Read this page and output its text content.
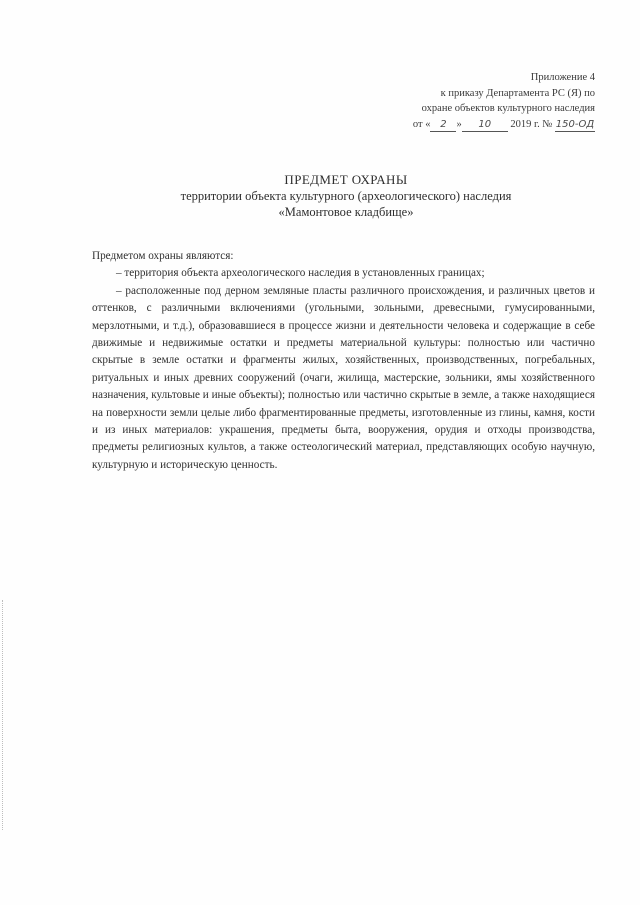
Приложение 4
к приказу Департамента РС (Я) по
охране объектов культурного наследия
от « 2 » 10 2019 г. № 150-ОД
ПРЕДМЕТ ОХРАНЫ
территории объекта культурного (археологического) наследия
«Мамонтовое кладбище»

Предметом охраны являются:

– территория объекта археологического наследия в установленных границах;

– расположенные под дерном земляные пласты различного происхождения, и различных цветов и оттенков, с различными включениями (угольными, зольными, древесными, гумусированными, мерзлотными, и т.д.), образовавшиеся в процессе жизни и деятельности человека и содержащие в себе движимые и недвижимые остатки и предметы материальной культуры: полностью или частично скрытые в земле остатки и фрагменты жилых, хозяйственных, производственных, погребальных, ритуальных и иных древних сооружений (очаги, жилища, мастерские, зольники, ямы хозяйственного назначения, культовые и иные объекты); полностью или частично скрытые в земле, а также находящиеся на поверхности земли целые либо фрагментированные предметы, изготовленные из глины, камня, кости и из иных материалов: украшения, предметы быта, вооружения, орудия и отходы производства, предметы религиозных культов, а также остеологический материал, представляющих особую научную, культурную и историческую ценность.
